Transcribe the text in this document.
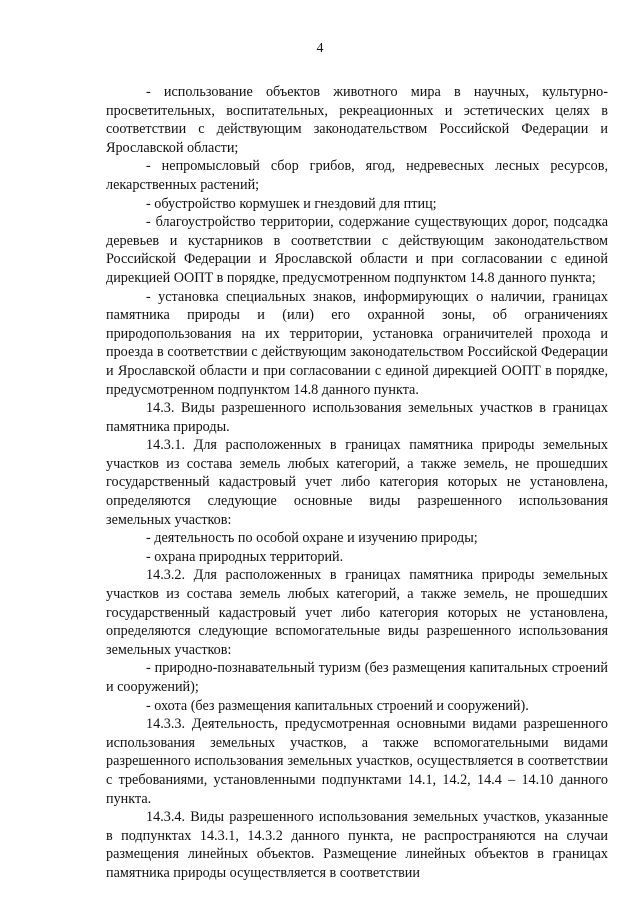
4

- использование объектов животного мира в научных, культурно-просветительных, воспитательных, рекреационных и эстетических целях в соответствии с действующим законодательством Российской Федерации и Ярославской области;

- непромысловый сбор грибов, ягод, недревесных лесных ресурсов, лекарственных растений;

- обустройство кормушек и гнездовий для птиц;

- благоустройство территории, содержание существующих дорог, подсадка деревьев и кустарников в соответствии с действующим законодательством Российской Федерации и Ярославской области и при согласовании с единой дирекцией ООПТ в порядке, предусмотренном подпунктом 14.8 данного пункта;

- установка специальных знаков, информирующих о наличии, границах памятника природы и (или) его охранной зоны, об ограничениях природопользования на их территории, установка ограничителей прохода и проезда в соответствии с действующим законодательством Российской Федерации и Ярославской области и при согласовании с единой дирекцией ООПТ в порядке, предусмотренном подпунктом 14.8 данного пункта.

14.3. Виды разрешенного использования земельных участков в границах памятника природы.

14.3.1. Для расположенных в границах памятника природы земельных участков из состава земель любых категорий, а также земель, не прошедших государственный кадастровый учет либо категория которых не установлена, определяются следующие основные виды разрешенного использования земельных участков:

- деятельность по особой охране и изучению природы;

- охрана природных территорий.

14.3.2. Для расположенных в границах памятника природы земельных участков из состава земель любых категорий, а также земель, не прошедших государственный кадастровый учет либо категория которых не установлена, определяются следующие вспомогательные виды разрешенного использования земельных участков:

- природно-познавательный туризм (без размещения капитальных строений и сооружений);

- охота (без размещения капитальных строений и сооружений).

14.3.3. Деятельность, предусмотренная основными видами разрешенного использования земельных участков, а также вспомогательными видами разрешенного использования земельных участков, осуществляется в соответствии с требованиями, установленными подпунктами 14.1, 14.2, 14.4 – 14.10 данного пункта.

14.3.4. Виды разрешенного использования земельных участков, указанные в подпунктах 14.3.1, 14.3.2 данного пункта, не распространяются на случаи размещения линейных объектов. Размещение линейных объектов в границах памятника природы осуществляется в соответствии
